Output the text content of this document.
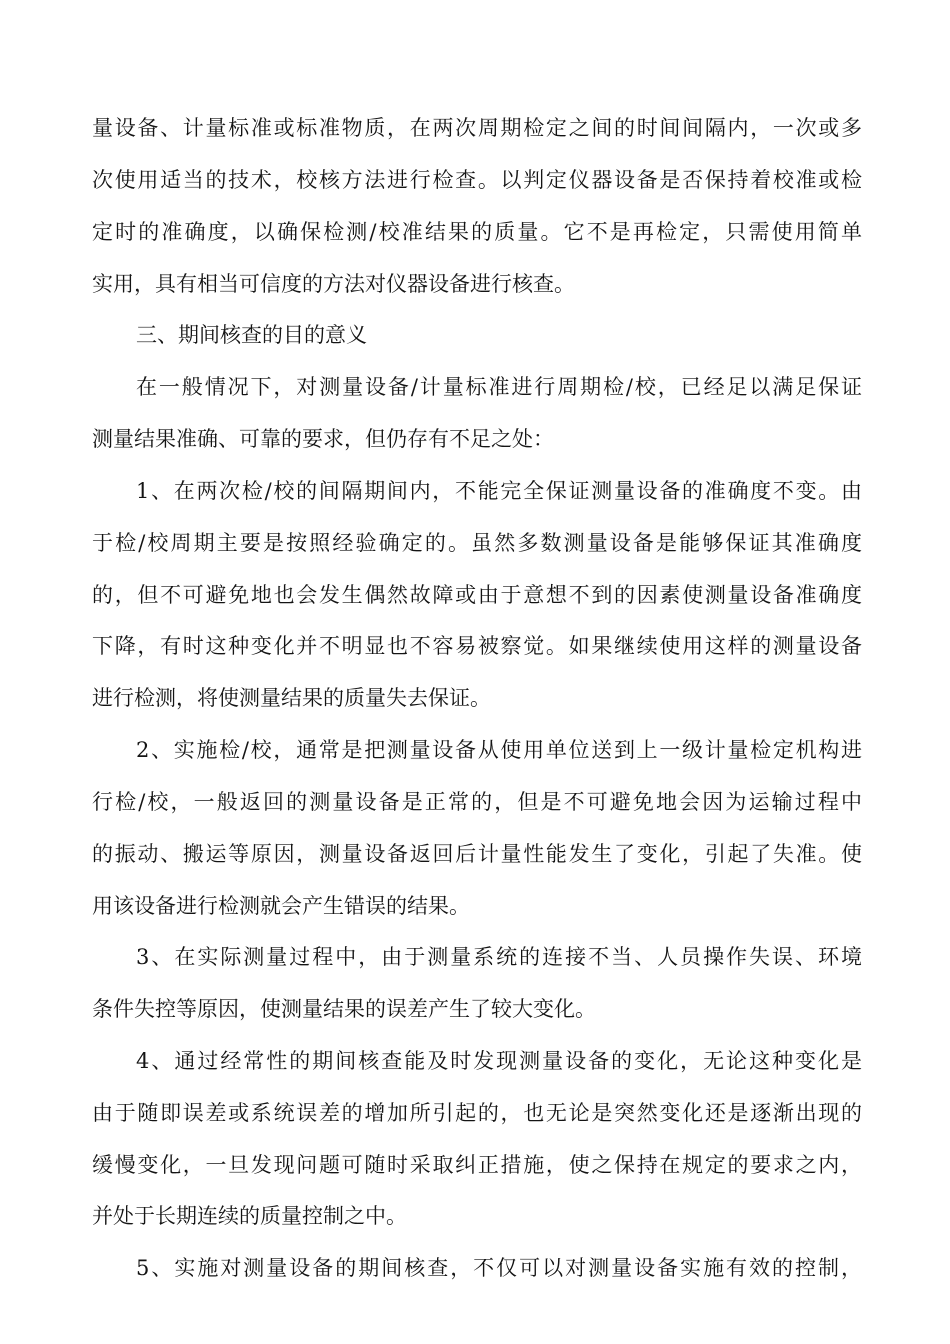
量设备、计量标准或标准物质，在两次周期检定之间的时间间隔内，一次或多
次使用适当的技术，校核方法进行检查。以判定仪器设备是否保持着校准或检
定时的准确度，以确保检测/校准结果的质量。它不是再检定，只需使用简单
实用，具有相当可信度的方法对仪器设备进行核查。
三、期间核查的目的意义
在一般情况下，对测量设备/计量标准进行周期检/校，已经足以满足保证
测量结果准确、可靠的要求，但仍存有不足之处：
1、在两次检/校的间隔期间内，不能完全保证测量设备的准确度不变。由
于检/校周期主要是按照经验确定的。虽然多数测量设备是能够保证其准确度
的，但不可避免地也会发生偶然故障或由于意想不到的因素使测量设备准确度
下降，有时这种变化并不明显也不容易被察觉。如果继续使用这样的测量设备
进行检测，将使测量结果的质量失去保证。
2、实施检/校，通常是把测量设备从使用单位送到上一级计量检定机构进
行检/校，一般返回的测量设备是正常的，但是不可避免地会因为运输过程中
的振动、搬运等原因，测量设备返回后计量性能发生了变化，引起了失准。使
用该设备进行检测就会产生错误的结果。
3、在实际测量过程中，由于测量系统的连接不当、人员操作失误、环境
条件失控等原因，使测量结果的误差产生了较大变化。
4、通过经常性的期间核查能及时发现测量设备的变化，无论这种变化是
由于随即误差或系统误差的增加所引起的，也无论是突然变化还是逐渐出现的
缓慢变化，一旦发现问题可随时采取纠正措施，使之保持在规定的要求之内，
并处于长期连续的质量控制之中。
5、实施对测量设备的期间核查，不仅可以对测量设备实施有效的控制，
